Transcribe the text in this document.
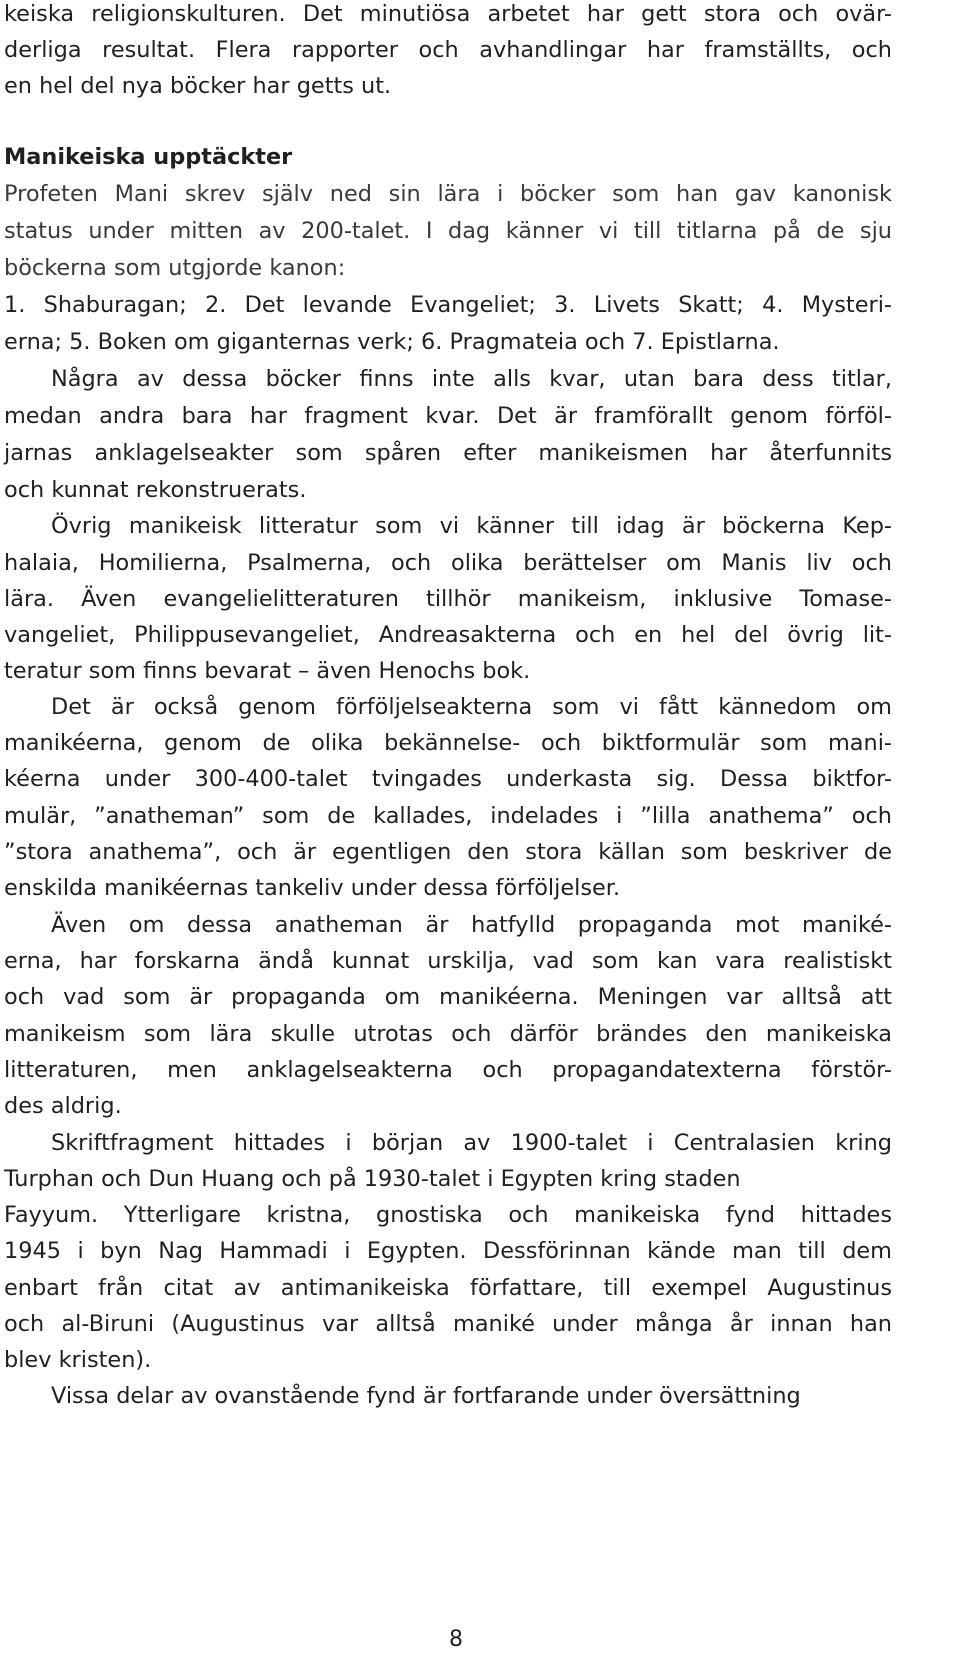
keiska religionskulturen. Det minutiösa arbetet har gett stora och ovär-
derliga resultat. Flera rapporter och avhandlingar har framställts, och
en hel del nya böcker har getts ut.
Manikeiska upptäckter
Profeten Mani skrev själv ned sin lära i böcker som han gav kanonisk
status under mitten av 200-talet. I dag känner vi till titlarna på de sju
böckerna som utgjorde kanon:
1. Shaburagan; 2. Det levande Evangeliet; 3. Livets Skatt; 4. Mysteri-
erna; 5. Boken om giganternas verk; 6. Pragmateia och 7. Epistlarna.
Några av dessa böcker finns inte alls kvar, utan bara dess titlar,
medan andra bara har fragment kvar. Det är framförallt genom förföl-
jarnas anklagelseakter som spåren efter manikeismen har återfunnits
och kunnat rekonstruerats.
Övrig manikeisk litteratur som vi känner till idag är böckerna Kep-
halaia, Homilierna, Psalmerna, och olika berättelser om Manis liv och
lära. Även evangelielitteraturen tillhör manikeism, inklusive Tomase-
vangeliet, Philippusevangeliet, Andreasakterna och en hel del övrig lit-
teratur som finns bevarat – även Henochs bok.
Det är också genom förföljelseakterna som vi fått kännedom om
manikéerna, genom de olika bekännelse- och biktformulär som mani-
kéerna under 300-400-talet tvingades underkasta sig. Dessa biktfor-
mulär, ”anatheman” som de kallades, indelades i ”lilla anathema” och
”stora anathema”, och är egentligen den stora källan som beskriver de
enskilda manikéernas tankeliv under dessa förföljelser.
Även om dessa anatheman är hatfylld propaganda mot maniké-
erna, har forskarna ändå kunnat urskilja, vad som kan vara realistiskt
och vad som är propaganda om manikéerna. Meningen var alltså att
manikeism som lära skulle utrotas och därför brändes den manikeiska
litteraturen, men anklagelseakterna och propagandatexterna förstör-
des aldrig.
Skriftfragment hittades i början av 1900-talet i Centralasien kring
Turphan och Dun Huang och på 1930-talet i Egypten kring staden
Fayyum. Ytterligare kristna, gnostiska och manikeiska fynd hittades
1945 i byn Nag Hammadi i Egypten. Dessförinnan kände man till dem
enbart från citat av antimanikeiska författare, till exempel Augustinus
och al-Biruni (Augustinus var alltså maniké under många år innan han
blev kristen).
Vissa delar av ovanstående fynd är fortfarande under översättning
8
